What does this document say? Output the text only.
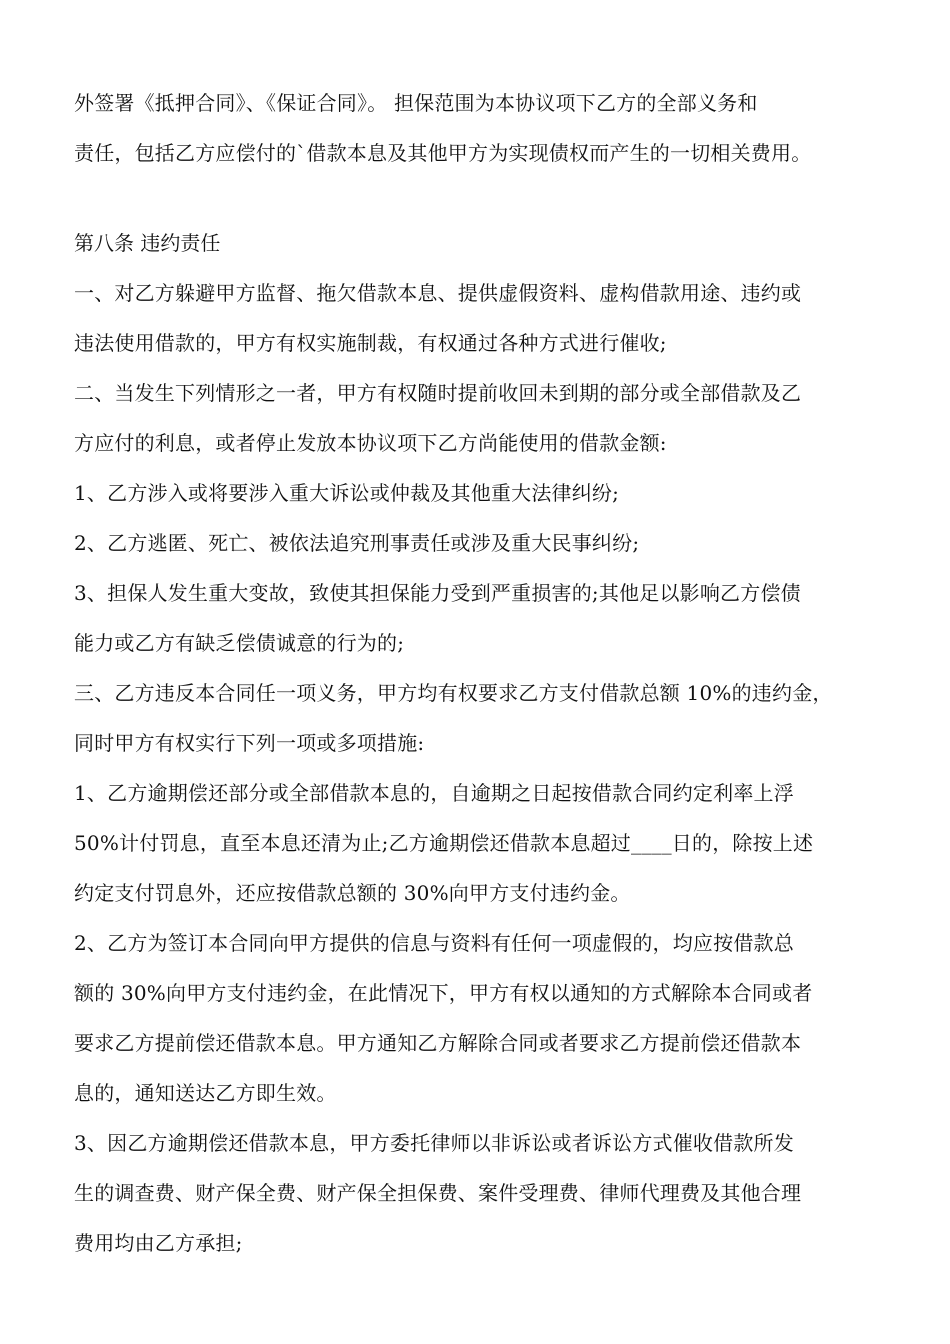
外签署《抵押合同》、《保证合同》。 担保范围为本协议项下乙方的全部义务和
责任，包括乙方应偿付的`借款本息及其他甲方为实现债权而产生的一切相关费用。
第八条 违约责任
一、对乙方躲避甲方监督、拖欠借款本息、提供虚假资料、虚构借款用途、违约或
违法使用借款的，甲方有权实施制裁，有权通过各种方式进行催收;
二、当发生下列情形之一者，甲方有权随时提前收回未到期的部分或全部借款及乙
方应付的利息，或者停止发放本协议项下乙方尚能使用的借款金额:
1、乙方涉入或将要涉入重大诉讼或仲裁及其他重大法律纠纷;
2、乙方逃匿、死亡、被依法追究刑事责任或涉及重大民事纠纷;
3、担保人发生重大变故，致使其担保能力受到严重损害的;其他足以影响乙方偿债
能力或乙方有缺乏偿债诚意的行为的;
三、乙方违反本合同任一项义务，甲方均有权要求乙方支付借款总额 10%的违约金，
同时甲方有权实行下列一项或多项措施:
1、乙方逾期偿还部分或全部借款本息的，自逾期之日起按借款合同约定利率上浮
50%计付罚息，直至本息还清为止;乙方逾期偿还借款本息超过____日的，除按上述
约定支付罚息外，还应按借款总额的 30%向甲方支付违约金。
2、乙方为签订本合同向甲方提供的信息与资料有任何一项虚假的，均应按借款总
额的 30%向甲方支付违约金，在此情况下，甲方有权以通知的方式解除本合同或者
要求乙方提前偿还借款本息。甲方通知乙方解除合同或者要求乙方提前偿还借款本
息的，通知送达乙方即生效。
3、因乙方逾期偿还借款本息，甲方委托律师以非诉讼或者诉讼方式催收借款所发
生的调查费、财产保全费、财产保全担保费、案件受理费、律师代理费及其他合理
费用均由乙方承担;
